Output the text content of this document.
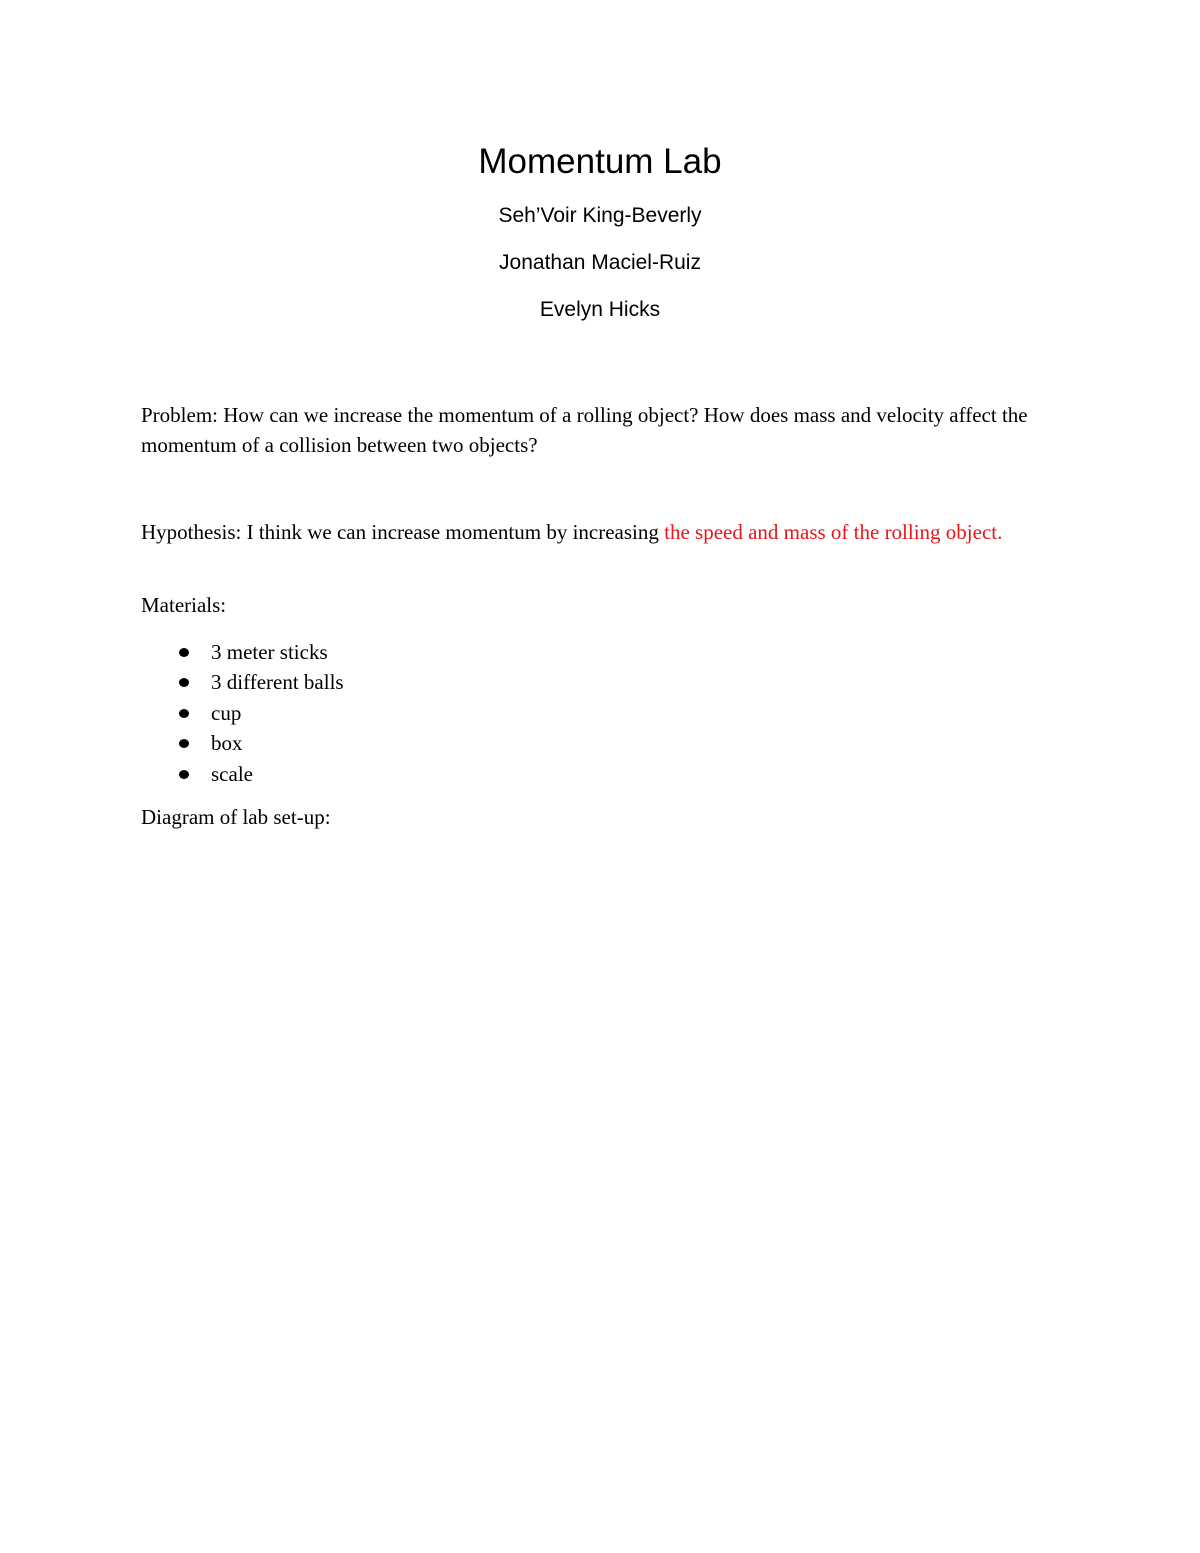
Momentum Lab

Seh’Voir King-Beverly

Jonathan Maciel-Ruiz

Evelyn Hicks

Problem: How can we increase the momentum of a rolling object? How does mass and velocity affect the momentum of a collision between two objects?

Hypothesis: I think we can increase momentum by increasing the speed and mass of the rolling object.

Materials:

3 meter sticks
3 different balls
cup
box
scale

Diagram of lab set-up:
